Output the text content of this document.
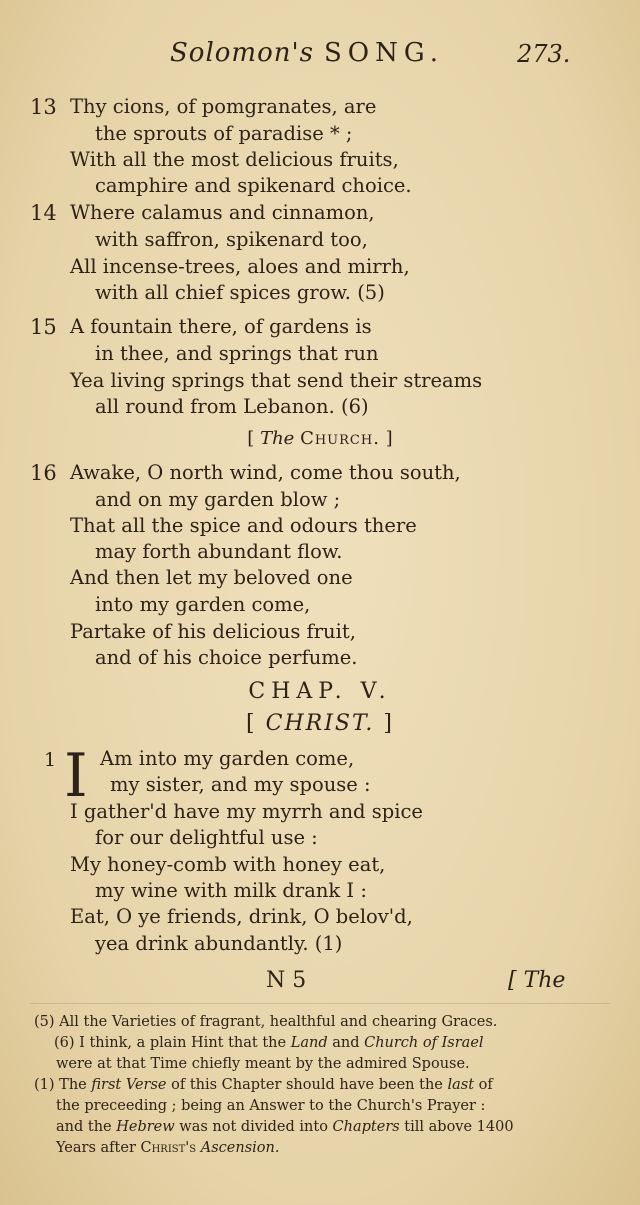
Solomon's SONG.	273.
13 Thy cions, of pomgranates, are
the sprouts of paradise * ;
With all the most delicious fruits,
camphire and spikenard choice.
14 Where calamus and cinnamon,
with saffron, spikenard too,
All incense-trees, aloes and mirrh,
with all chief spices grow. (5)
15 A fountain there, of gardens is
in thee, and springs that run
Yea living springs that send their streams
all round from Lebanon. (6)
[ The Church. ]
16 Awake, O north wind, come thou south,
and on my garden blow ;
That all the spice and odours there
may forth abundant flow.
And then let my beloved one
into my garden come,
Partake of his delicious fruit,
and of his choice perfume.
CHAP. V.
[ CHRIST. ]
1 I Am into my garden come,
my sister, and my spouse :
I gather'd have my myrrh and spice
for our delightful use :
My honey-comb with honey eat,
my wine with milk drank I :
Eat, O ye friends, drink, O belov'd,
yea drink abundantly. (1)
N 5	[ The
(5) All the Varieties of fragrant, healthful and chearing Graces.
(6) I think, a plain Hint that the Land and Church of Israel
were at that Time chiefly meant by the admired Spouse.
(1) The first Verse of this Chapter should have been the last of
the preceeding ; being an Answer to the Church's Prayer :
and the Hebrew was not divided into Chapters till above 1400
Years after Christ's Ascension.
